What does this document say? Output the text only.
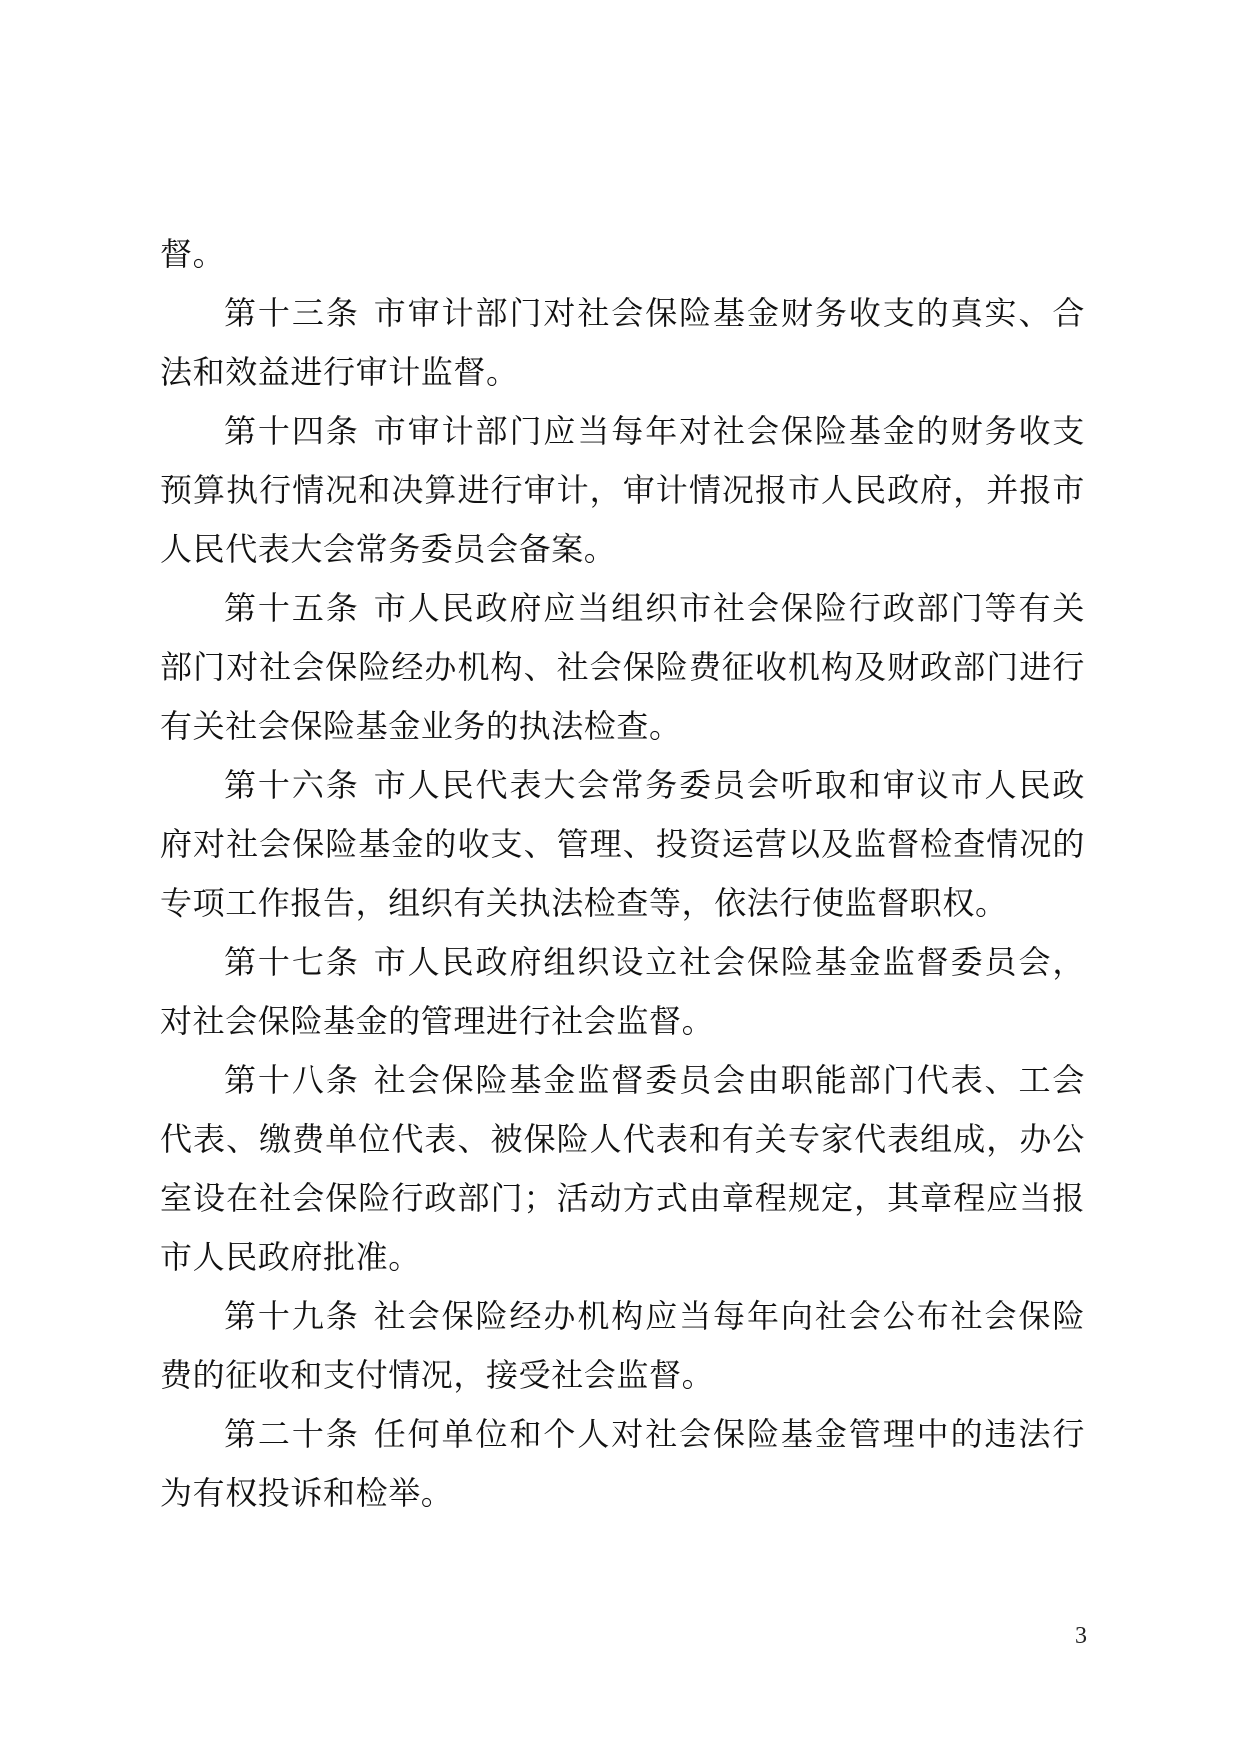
督。

第十三条 市审计部门对社会保险基金财务收支的真实、合法和效益进行审计监督。

第十四条 市审计部门应当每年对社会保险基金的财务收支预算执行情况和决算进行审计，审计情况报市人民政府，并报市人民代表大会常务委员会备案。

第十五条 市人民政府应当组织市社会保险行政部门等有关部门对社会保险经办机构、社会保险费征收机构及财政部门进行有关社会保险基金业务的执法检查。

第十六条 市人民代表大会常务委员会听取和审议市人民政府对社会保险基金的收支、管理、投资运营以及监督检查情况的专项工作报告，组织有关执法检查等，依法行使监督职权。

第十七条 市人民政府组织设立社会保险基金监督委员会，对社会保险基金的管理进行社会监督。

第十八条 社会保险基金监督委员会由职能部门代表、工会代表、缴费单位代表、被保险人代表和有关专家代表组成，办公室设在社会保险行政部门；活动方式由章程规定，其章程应当报市人民政府批准。

第十九条 社会保险经办机构应当每年向社会公布社会保险费的征收和支付情况，接受社会监督。

第二十条 任何单位和个人对社会保险基金管理中的违法行为有权投诉和检举。

3
